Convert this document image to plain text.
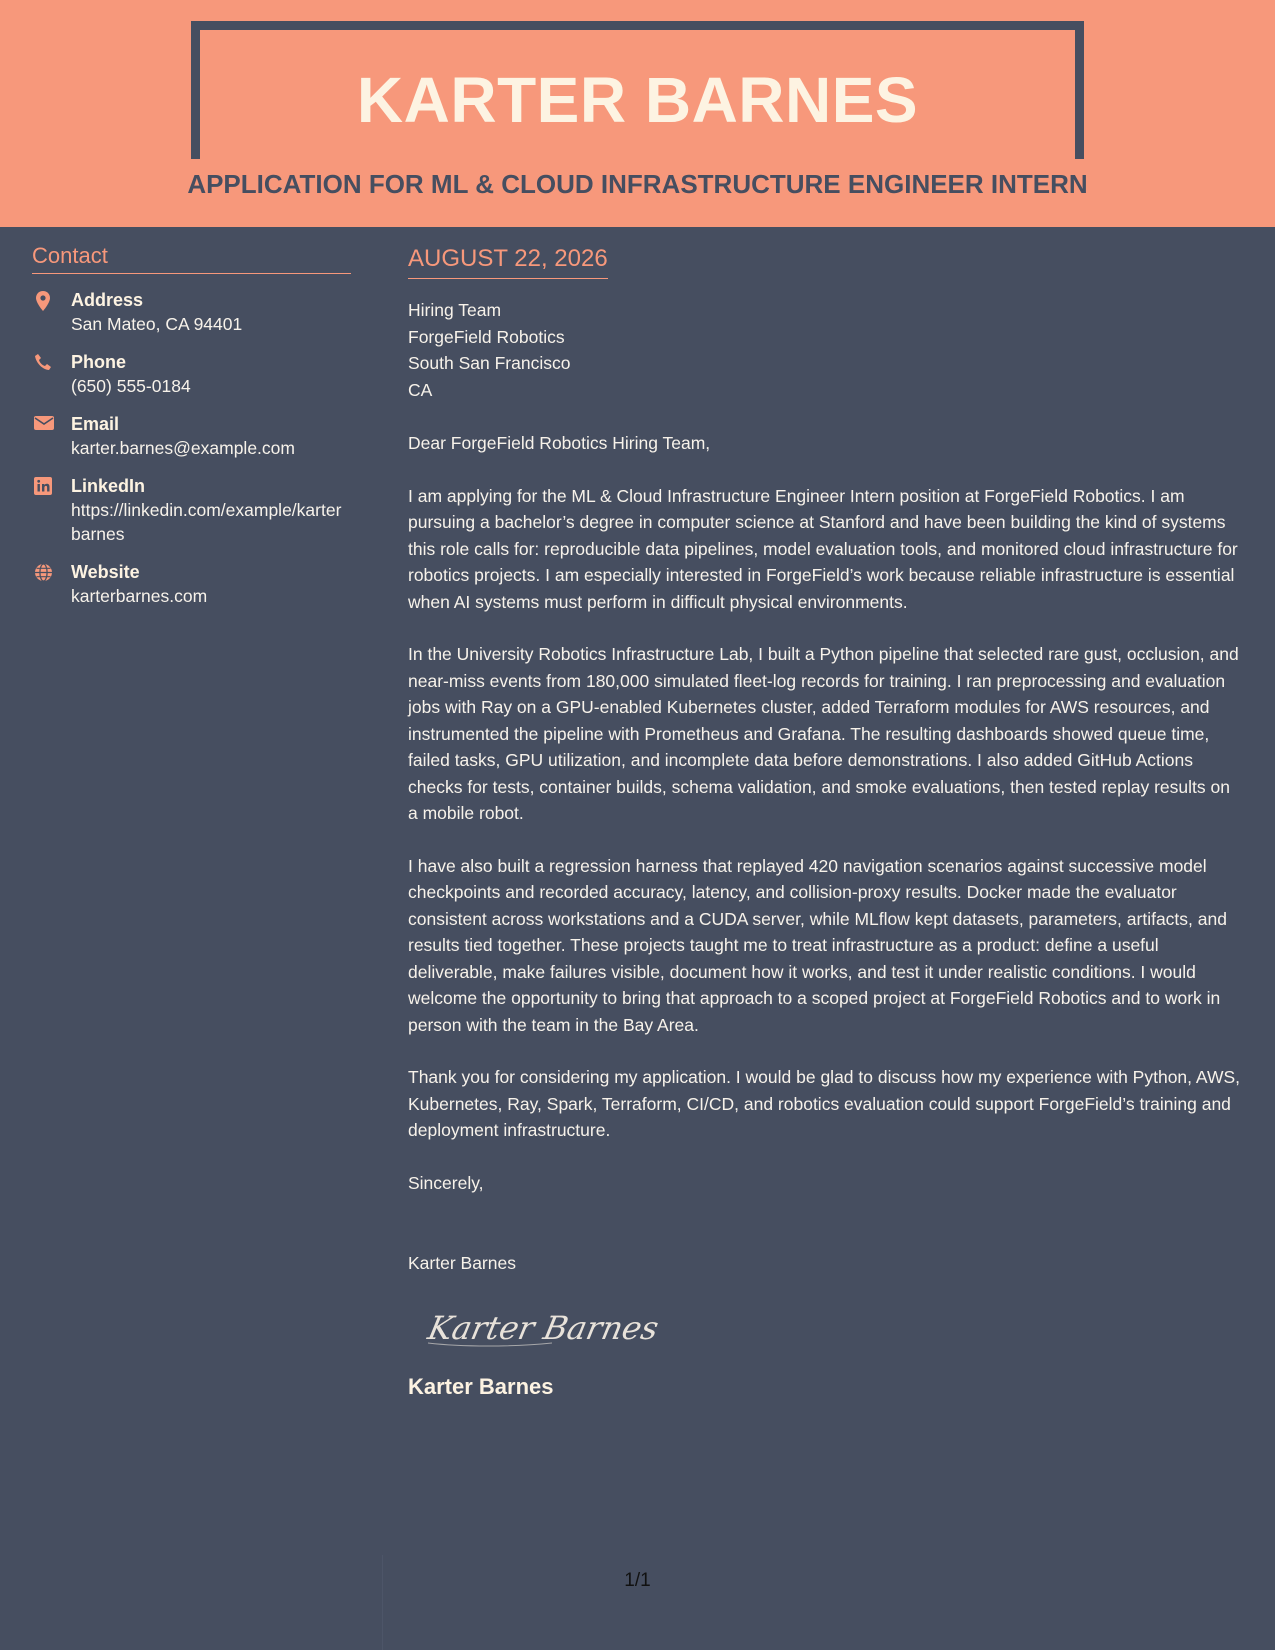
KARTER BARNES
APPLICATION FOR ML & CLOUD INFRASTRUCTURE ENGINEER INTERN
Contact
Address
San Mateo, CA 94401
Phone
(650) 555-0184
Email
karter.barnes@example.com
LinkedIn
https://linkedin.com/example/karterbarnes
Website
karterbarnes.com
AUGUST 22, 2026
Hiring Team
ForgeField Robotics
South San Francisco
CA
Dear ForgeField Robotics Hiring Team,
I am applying for the ML & Cloud Infrastructure Engineer Intern position at ForgeField Robotics. I am pursuing a bachelor’s degree in computer science at Stanford and have been building the kind of systems this role calls for: reproducible data pipelines, model evaluation tools, and monitored cloud infrastructure for robotics projects. I am especially interested in ForgeField’s work because reliable infrastructure is essential when AI systems must perform in difficult physical environments.
In the University Robotics Infrastructure Lab, I built a Python pipeline that selected rare gust, occlusion, and near-miss events from 180,000 simulated fleet-log records for training. I ran preprocessing and evaluation jobs with Ray on a GPU-enabled Kubernetes cluster, added Terraform modules for AWS resources, and instrumented the pipeline with Prometheus and Grafana. The resulting dashboards showed queue time, failed tasks, GPU utilization, and incomplete data before demonstrations. I also added GitHub Actions checks for tests, container builds, schema validation, and smoke evaluations, then tested replay results on a mobile robot.
I have also built a regression harness that replayed 420 navigation scenarios against successive model checkpoints and recorded accuracy, latency, and collision-proxy results. Docker made the evaluator consistent across workstations and a CUDA server, while MLflow kept datasets, parameters, artifacts, and results tied together. These projects taught me to treat infrastructure as a product: define a useful deliverable, make failures visible, document how it works, and test it under realistic conditions. I would welcome the opportunity to bring that approach to a scoped project at ForgeField Robotics and to work in person with the team in the Bay Area.
Thank you for considering my application. I would be glad to discuss how my experience with Python, AWS, Kubernetes, Ray, Spark, Terraform, CI/CD, and robotics evaluation could support ForgeField’s training and deployment infrastructure.
Sincerely,
Karter Barnes
Karter Barnes
Karter Barnes
1/1
